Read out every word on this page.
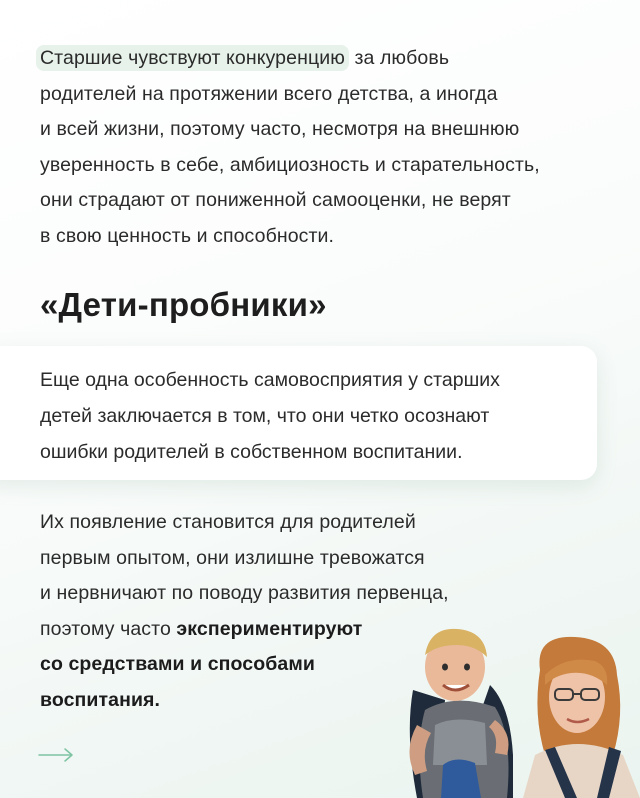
Старшие чувствуют конкуренцию за любовь
родителей на протяжении всего детства, а иногда
и всей жизни, поэтому часто, несмотря на внешнюю
уверенность в себе, амбициозность и старательность,
они страдают от пониженной самооценки, не верят
в свою ценность и способности.
«Дети-пробники»
Еще одна особенность самовосприятия у старших
детей заключается в том, что они четко осознают
ошибки родителей в собственном воспитании.
Их появление становится для родителей
первым опытом, они излишне тревожатся
и нервничают по поводу развития первенца,
поэтому часто экспериментируют
со средствами и способами
воспитания.
